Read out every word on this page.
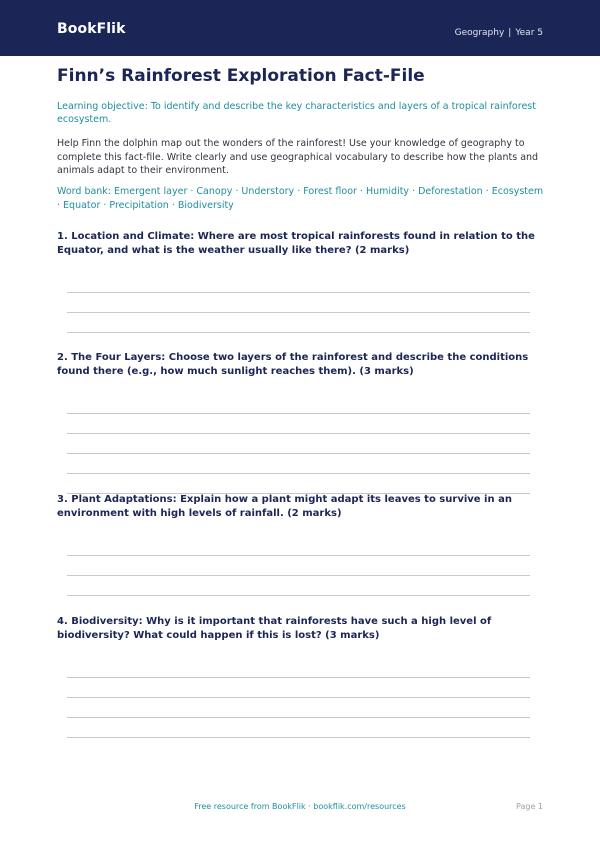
BookFlik	Geography | Year 5
Finn’s Rainforest Exploration Fact-File

Learning objective: To identify and describe the key characteristics and layers of a tropical rainforest ecosystem.

Help Finn the dolphin map out the wonders of the rainforest! Use your knowledge of geography to complete this fact-file. Write clearly and use geographical vocabulary to describe how the plants and animals adapt to their environment.

Word bank: Emergent layer · Canopy · Understory · Forest floor · Humidity · Deforestation · Ecosystem · Equator · Precipitation · Biodiversity

1. Location and Climate: Where are most tropical rainforests found in relation to the Equator, and what is the weather usually like there? (2 marks)

2. The Four Layers: Choose two layers of the rainforest and describe the conditions found there (e.g., how much sunlight reaches them). (3 marks)

3. Plant Adaptations: Explain how a plant might adapt its leaves to survive in an environment with high levels of rainfall. (2 marks)

4. Biodiversity: Why is it important that rainforests have such a high level of biodiversity? What could happen if this is lost? (3 marks)

Free resource from BookFlik · bookflik.com/resources	Page 1
